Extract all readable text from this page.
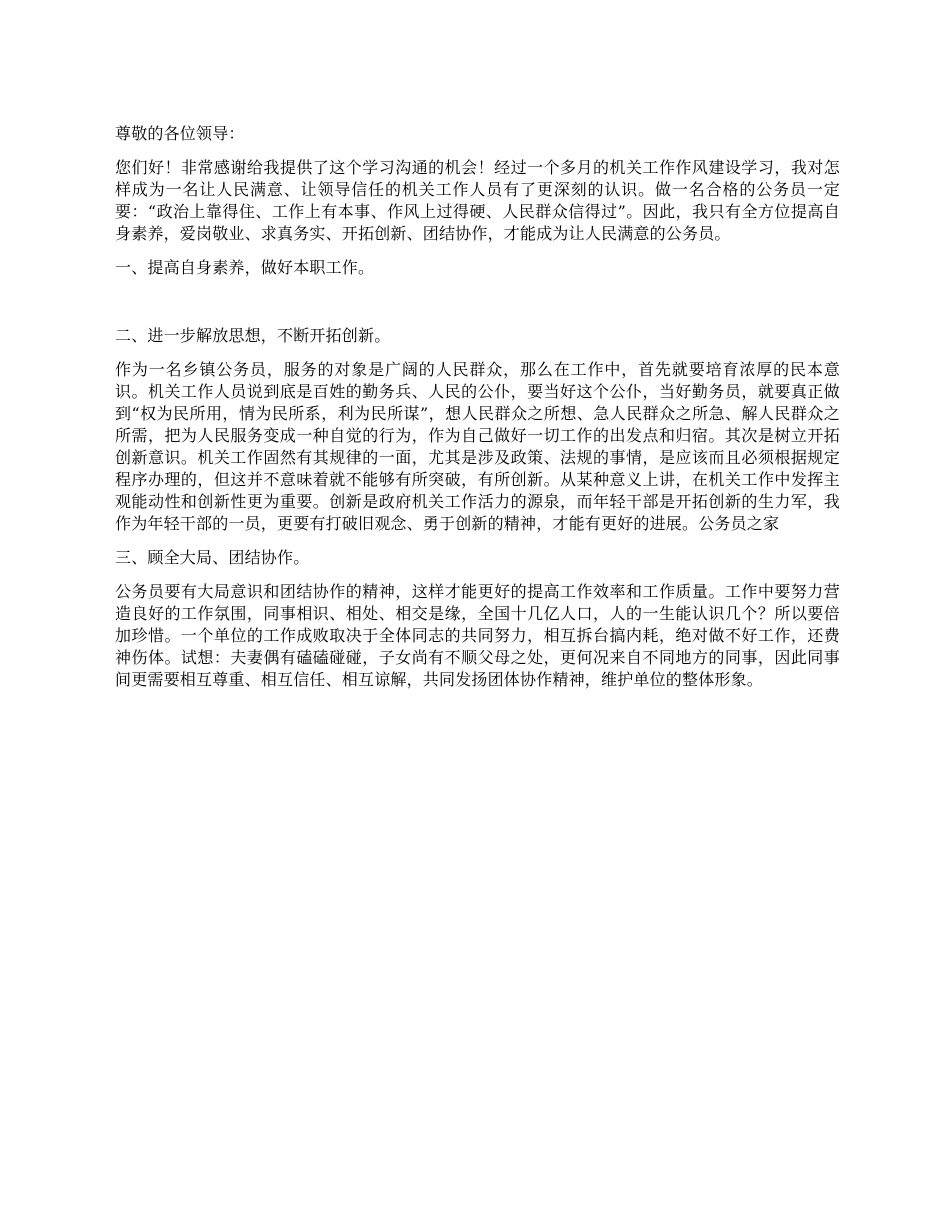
尊敬的各位领导：

您们好！非常感谢给我提供了这个学习沟通的机会！经过一个多月的机关工作作风建设学习，我对怎样成为一名让人民满意、让领导信任的机关工作人员有了更深刻的认识。做一名合格的公务员一定要：“政治上靠得住、工作上有本事、作风上过得硬、人民群众信得过”。因此，我只有全方位提高自身素养，爱岗敬业、求真务实、开拓创新、团结协作，才能成为让人民满意的公务员。

一、提高自身素养，做好本职工作。

二、进一步解放思想，不断开拓创新。

作为一名乡镇公务员，服务的对象是广阔的人民群众，那么在工作中，首先就要培育浓厚的民本意识。机关工作人员说到底是百姓的勤务兵、人民的公仆，要当好这个公仆，当好勤务员，就要真正做到“权为民所用，情为民所系，利为民所谋”，想人民群众之所想、急人民群众之所急、解人民群众之所需，把为人民服务变成一种自觉的行为，作为自己做好一切工作的出发点和归宿。其次是树立开拓创新意识。机关工作固然有其规律的一面，尤其是涉及政策、法规的事情，是应该而且必须根据规定程序办理的，但这并不意味着就不能够有所突破，有所创新。从某种意义上讲，在机关工作中发挥主观能动性和创新性更为重要。创新是政府机关工作活力的源泉，而年轻干部是开拓创新的生力军，我作为年轻干部的一员，更要有打破旧观念、勇于创新的精神，才能有更好的进展。公务员之家

三、顾全大局、团结协作。

公务员要有大局意识和团结协作的精神，这样才能更好的提高工作效率和工作质量。工作中要努力营造良好的工作氛围，同事相识、相处、相交是缘，全国十几亿人口，人的一生能认识几个？所以要倍加珍惜。一个单位的工作成败取决于全体同志的共同努力，相互拆台搞内耗，绝对做不好工作，还费神伤体。试想：夫妻偶有磕磕碰碰，子女尚有不顺父母之处，更何况来自不同地方的同事，因此同事间更需要相互尊重、相互信任、相互谅解，共同发扬团体协作精神，维护单位的整体形象。
